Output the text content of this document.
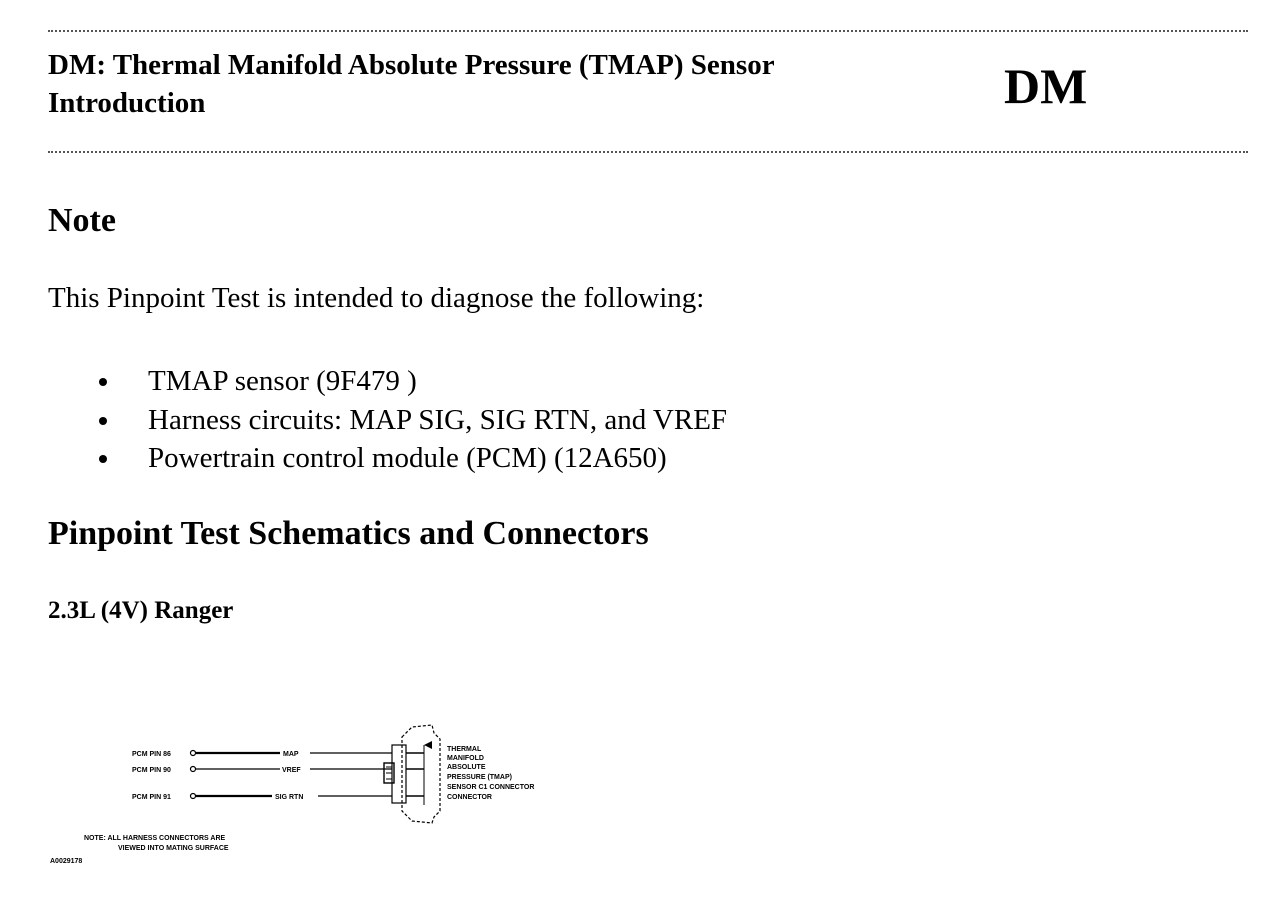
DM: Thermal Manifold Absolute Pressure (TMAP) Sensor
Introduction	DM
Note

This Pinpoint Test is intended to diagnose the following:

TMAP sensor (9F479 )
Harness circuits: MAP SIG, SIG RTN, and VREF
Powertrain control module (PCM) (12A650)
Pinpoint Test Schematics and Connectors
2.3L (4V) Ranger
PCM PIN 86
PCM PIN 90
PCM PIN 91
MAP
VREF
SIG RTN
THERMAL
MANIFOLD
ABSOLUTE
PRESSURE (TMAP)
SENSOR C1 CONNECTOR
CONNECTOR
NOTE: ALL HARNESS CONNECTORS ARE
VIEWED INTO MATING SURFACE
A0029178
